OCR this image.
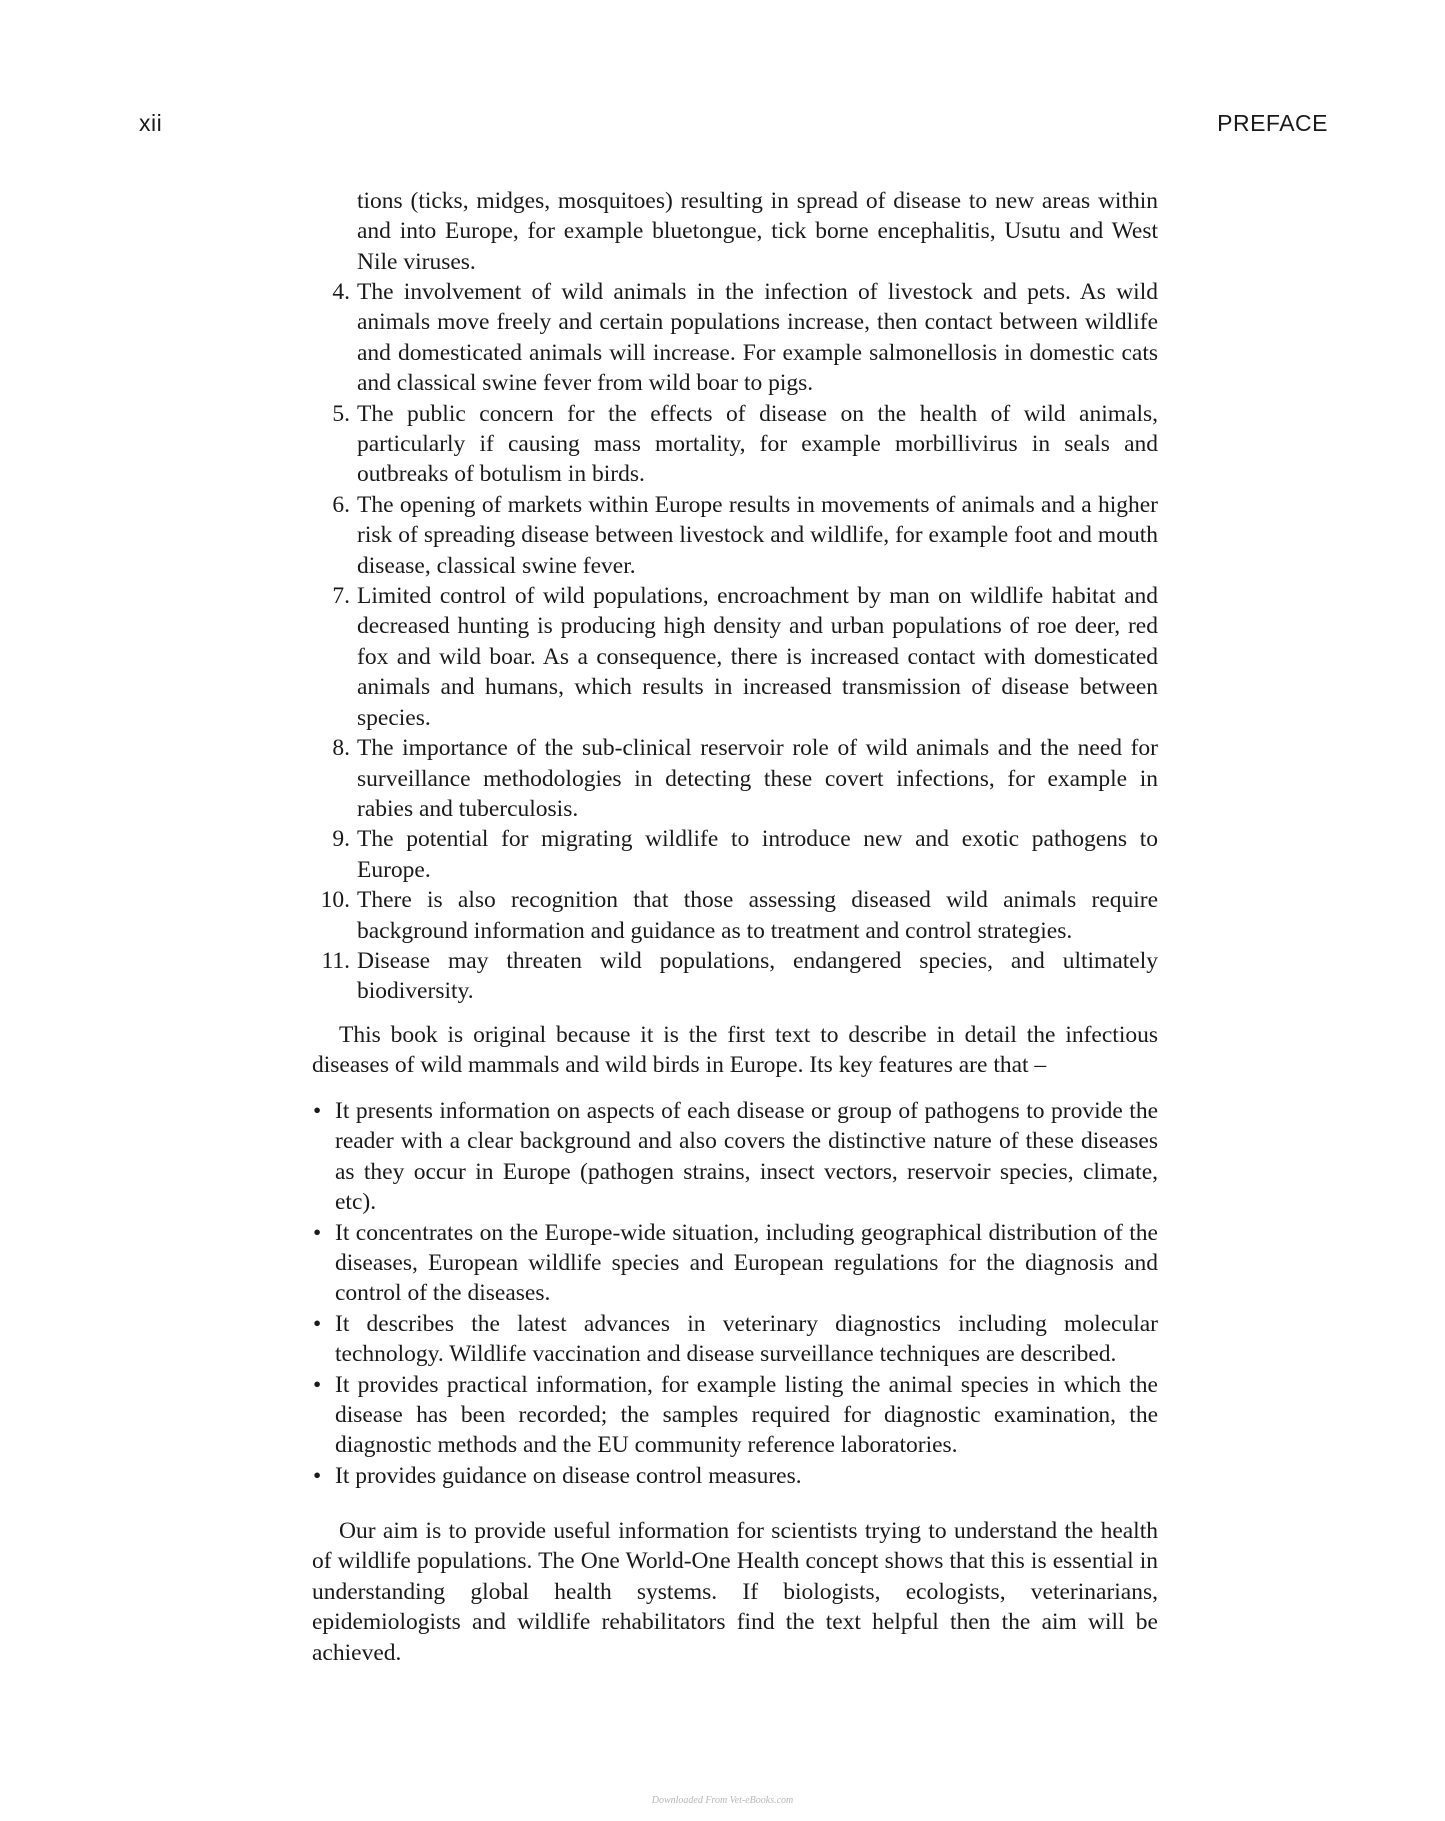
xii	PREFACE

tions (ticks, midges, mosquitoes) resulting in spread of disease to new areas within and into Europe, for example bluetongue, tick borne encephalitis, Usutu and West Nile viruses.

4. The involvement of wild animals in the infection of livestock and pets. As wild animals move freely and certain populations increase, then contact between wildlife and domesticated animals will increase. For example salmonellosis in domestic cats and classical swine fever from wild boar to pigs.
5. The public concern for the effects of disease on the health of wild animals, particularly if causing mass mortality, for example morbillivirus in seals and outbreaks of botulism in birds.
6. The opening of markets within Europe results in movements of animals and a higher risk of spreading disease between livestock and wildlife, for example foot and mouth disease, classical swine fever.
7. Limited control of wild populations, encroachment by man on wildlife habitat and decreased hunting is producing high density and urban populations of roe deer, red fox and wild boar. As a consequence, there is increased contact with domesticated animals and humans, which results in increased transmission of disease between species.
8. The importance of the sub-clinical reservoir role of wild animals and the need for surveillance methodologies in detecting these covert infections, for example in rabies and tuberculosis.
9. The potential for migrating wildlife to introduce new and exotic pathogens to Europe.
10. There is also recognition that those assessing diseased wild animals require background information and guidance as to treatment and control strategies.
11. Disease may threaten wild populations, endangered species, and ultimately biodiversity.

This book is original because it is the first text to describe in detail the infectious diseases of wild mammals and wild birds in Europe. Its key features are that –

• It presents information on aspects of each disease or group of pathogens to provide the reader with a clear background and also covers the distinctive nature of these diseases as they occur in Europe (pathogen strains, insect vectors, reservoir species, climate, etc).
• It concentrates on the Europe-wide situation, including geographical distribution of the diseases, European wildlife species and European regulations for the diagnosis and control of the diseases.
• It describes the latest advances in veterinary diagnostics including molecular technology. Wildlife vaccination and disease surveillance techniques are described.
• It provides practical information, for example listing the animal species in which the disease has been recorded; the samples required for diagnostic examination, the diagnostic methods and the EU community reference laboratories.
• It provides guidance on disease control measures.

Our aim is to provide useful information for scientists trying to understand the health of wildlife populations. The One World-One Health concept shows that this is essential in understanding global health systems. If biologists, ecologists, veterinarians, epidemiologists and wildlife rehabilitators find the text helpful then the aim will be achieved.

Downloaded From Vet-eBooks.com
